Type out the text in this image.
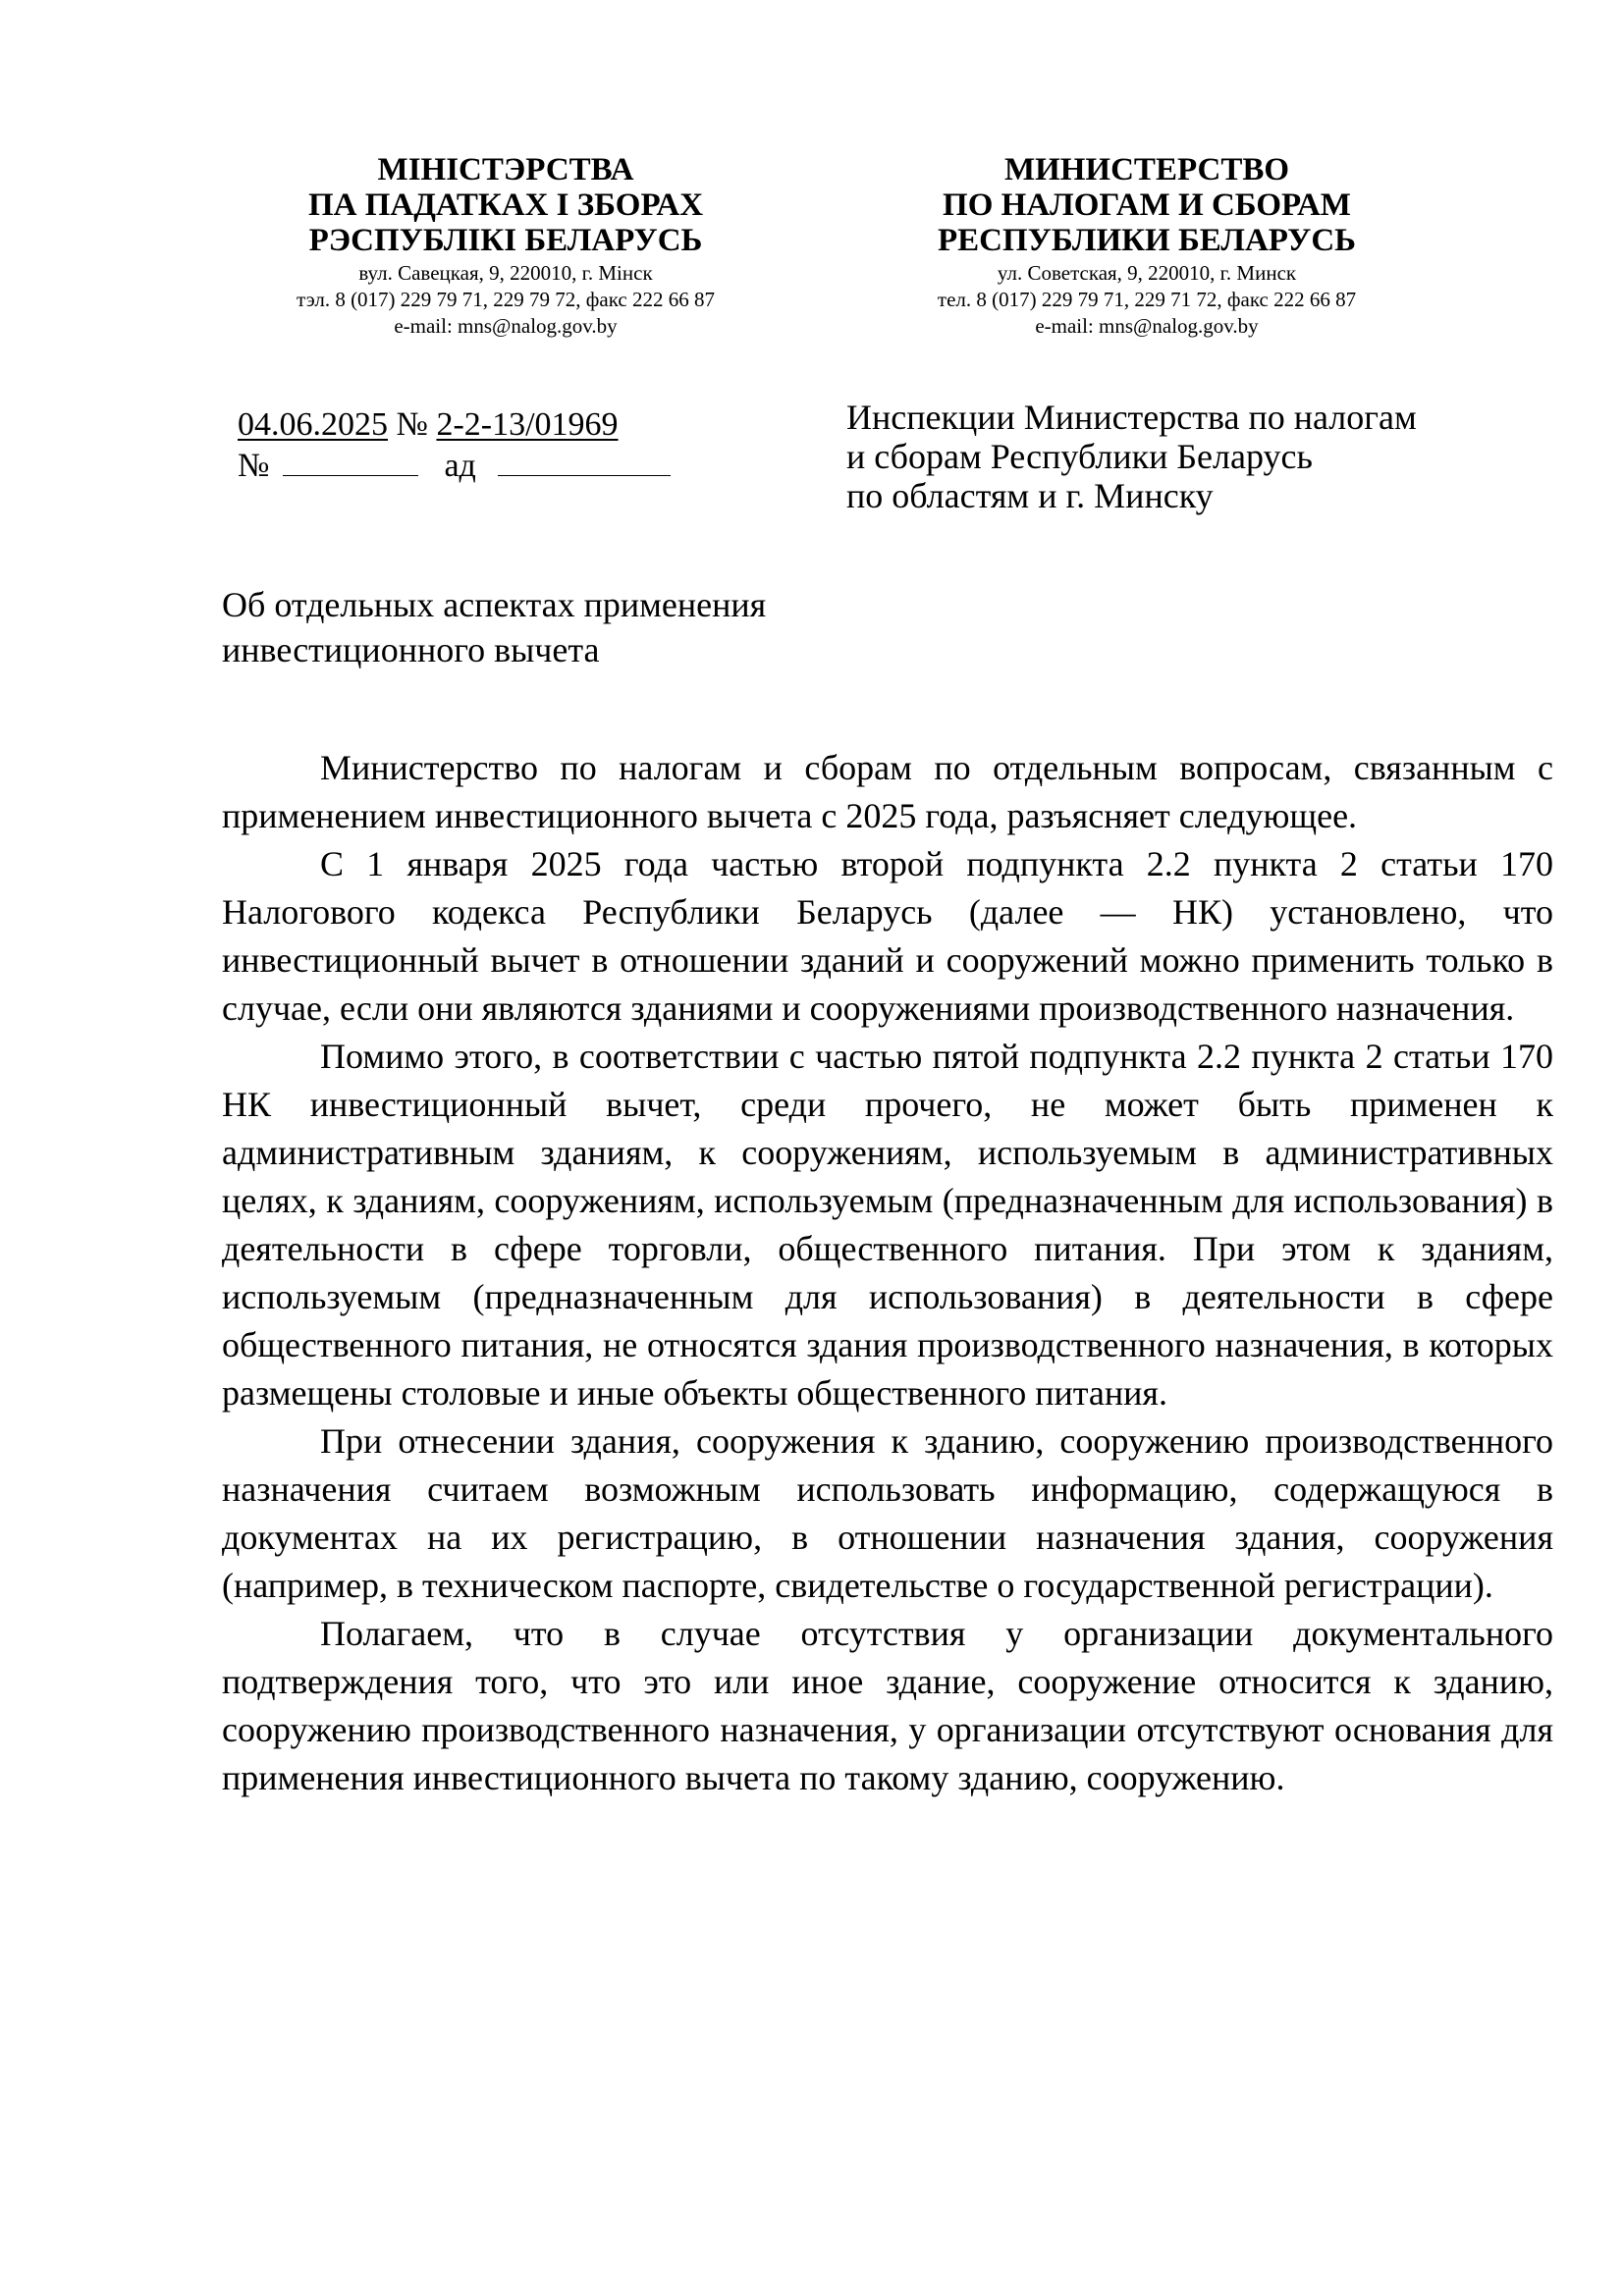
МІНІСТЭРСТВА
ПА ПАДАТКАХ І ЗБОРАХ
РЭСПУБЛІКІ БЕЛАРУСЬ
вул. Савецкая, 9, 220010, г. Мінск
тэл. 8 (017) 229 79 71, 229 79 72, факс 222 66 87
e-mail: mns@nalog.gov.by
МИНИСТЕРСТВО
ПО НАЛОГАМ И СБОРАМ
РЕСПУБЛИКИ БЕЛАРУСЬ
ул. Советская, 9, 220010, г. Минск
тел. 8 (017) 229 79 71, 229 71 72, факс 222 66 87
e-mail: mns@nalog.gov.by
04.06.2025 № 2-2-13/01969
№	ад
Инспекции Министерства по налогам
и сборам Республики Беларусь
по областям и г. Минску
Об отдельных аспектах применения
инвестиционного вычета

Министерство по налогам и сборам по отдельным вопросам, связанным с применением инвестиционного вычета с 2025 года, разъясняет следующее.

С 1 января 2025 года частью второй подпункта 2.2 пункта 2 статьи 170 Налогового кодекса Республики Беларусь (далее — НК) установлено, что инвестиционный вычет в отношении зданий и сооружений можно применить только в случае, если они являются зданиями и сооружениями производственного назначения.

Помимо этого, в соответствии с частью пятой подпункта 2.2 пункта 2 статьи 170 НК инвестиционный вычет, среди прочего, не может быть применен к административным зданиям, к сооружениям, используемым в административных целях, к зданиям, сооружениям, используемым (предназначенным для использования) в деятельности в сфере торговли, общественного питания. При этом к зданиям, используемым (предназначенным для использования) в деятельности в сфере общественного питания, не относятся здания производственного назначения, в которых размещены столовые и иные объекты общественного питания.

При отнесении здания, сооружения к зданию, сооружению производственного назначения считаем возможным использовать информацию, содержащуюся в документах на их регистрацию, в отношении назначения здания, сооружения (например, в техническом паспорте, свидетельстве о государственной регистрации).

Полагаем, что в случае отсутствия у организации документального подтверждения того, что это или иное здание, сооружение относится к зданию, сооружению производственного назначения, у организации отсутствуют основания для применения инвестиционного вычета по такому зданию, сооружению.
